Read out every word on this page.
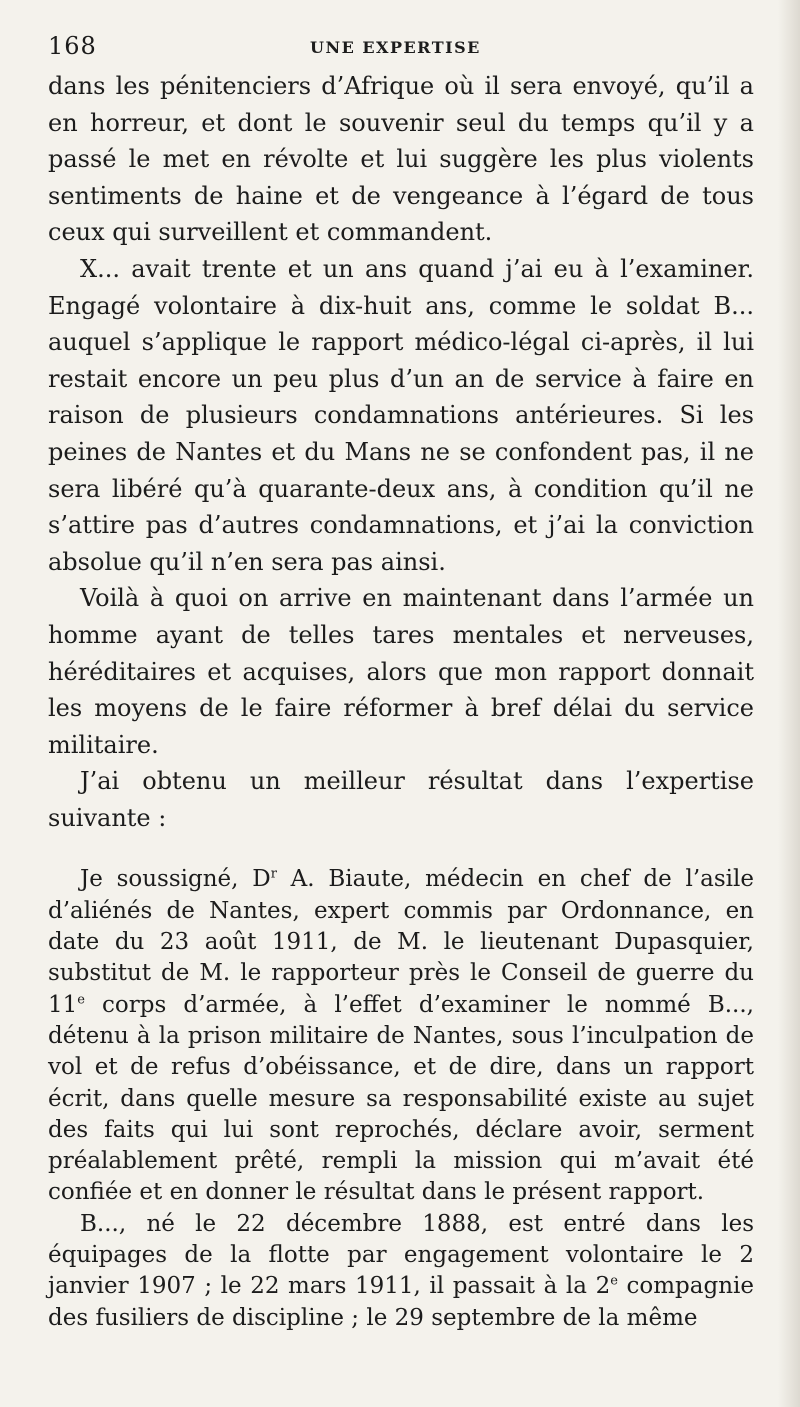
168	UNE EXPERTISE

dans les pénitenciers d’Afrique où il sera envoyé, qu’il a en horreur, et dont le souvenir seul du temps qu’il y a passé le met en révolte et lui suggère les plus violents sentiments de haine et de vengeance à l’égard de tous ceux qui surveillent et commandent.

X... avait trente et un ans quand j’ai eu à l’examiner. Engagé volontaire à dix-huit ans, comme le soldat B... auquel s’applique le rapport médico-légal ci-après, il lui restait encore un peu plus d’un an de service à faire en raison de plusieurs condamnations antérieures. Si les peines de Nantes et du Mans ne se confondent pas, il ne sera libéré qu’à quarante-deux ans, à condition qu’il ne s’attire pas d’autres condamnations, et j’ai la conviction absolue qu’il n’en sera pas ainsi.

Voilà à quoi on arrive en maintenant dans l’armée un homme ayant de telles tares mentales et nerveuses, héréditaires et acquises, alors que mon rapport donnait les moyens de le faire réformer à bref délai du service militaire.

J’ai obtenu un meilleur résultat dans l’expertise suivante :

Je soussigné, $D^r$ A. Biaute, médecin en chef de l’asile d’aliénés de Nantes, expert commis par Ordonnance, en date du 23 août 1911, de M. le lieutenant Dupasquier, substitut de M. le rapporteur près le Conseil de guerre du 11e corps d’armée, à l’effet d’examiner le nommé B..., détenu à la prison militaire de Nantes, sous l’inculpation de vol et de refus d’obéissance, et de dire, dans un rapport écrit, dans quelle mesure sa responsabilité existe au sujet des faits qui lui sont reprochés, déclare avoir, serment préalablement prêté, rempli la mission qui m’avait été confiée et en donner le résultat dans le présent rapport.

B..., né le 22 décembre 1888, est entré dans les équipages de la flotte par engagement volontaire le 2 janvier 1907 ; le 22 mars 1911, il passait à la 2e compagnie des fusiliers de discipline ; le 29 septembre de la même
